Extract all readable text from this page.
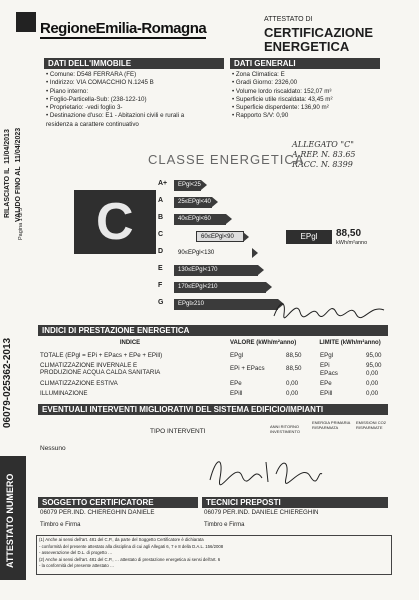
RegioneEmilia-Romagna
ATTESTATO DI
CERTIFICAZIONE
ENERGETICA
RILASCIATO IL  11/04/2013
VALIDO FINO AL  11/04/2023
Pagina 1 di 3
06079-025362-2013
ATTESTATO NUMERO
DATI DELL'IMMOBILE
• Comune: D548 FERRARA (FE)
• Indirizzo: VIA COMACCHIO N.1245 B
• Piano interno:
• Foglio-Particella-Sub: (238-122-10)
• Proprietario: -vedi foglio 3-
• Destinazione d'uso: E1 - Abitazioni civili e rurali a
residenza a carattere continuativo
DATI GENERALI
• Zona Climatica: E
• Gradi Giorno: 2326,00
• Volume lordo riscaldato: 152,07 m³
• Superficie utile riscaldata: 43,45 m²
• Superficie disperdente: 136,90 m²
• Rapporto S/V: 0,90
ALLEGATO "C"
A REP. N. 83.65
RACC. N. 8399
CLASSE ENERGETICA
C
A+	EPgl<25
A	25≤EPgl<40
B	40≤EPgl<60
C	60≤EPgl<90
D	90≤EPgl<130
E	130≤EPgl<170
F	170≤EPgl<210
G	EPgl≥210
EPgl	88,50
kWh/m²anno
INDICI DI PRESTAZIONE ENERGETICA
INDICE	VALORE (kWh/m²anno)	LIMITE (kWh/m²anno)
TOTALE (EPgl = EPi + EPacs + EPe + EPill)	EPgl	88,50	EPgl	95,00
CLIMATIZZAZIONE INVERNALE E
PRODUZIONE ACQUA CALDA SANITARIA
EPi + EPacs	88,50	EPi	95,00
EPacs	0,00
CLIMATIZZAZIONE ESTIVA	EPe	0,00	EPe	0,00
ILLUMINAZIONE	EPill	0,00	EPill	0,00
EVENTUALI INTERVENTI MIGLIORATIVI DEL SISTEMA EDIFICIO/IMPIANTI
TIPO INTERVENTI
ANNI RITORNO INVESTIMENTO
ENERGIA PRIMARIA RISPARMIATA
EMISSIONI CO2 RISPARMIATE
Nessuno
SOGGETTO CERTIFICATORE
06079 PER.IND. CHIEREGHIN DANIELE
Timbro e Firma
TECNICI PREPOSTI
06079 PER.IND. DANIELE CHIEREGHIN
Timbro e Firma
(1) Anche ai sensi dell'art. 481 del C.P., da parte del Soggetto Certificatore è dichiarata
- conformità del presente attestato alla disciplina di cui agli Allegati 6, 7 e 8 della D.A.L. 156/2008
- asseverazione del D.L. di progetto …
(2) Anche ai sensi dell'art. 481 del C.P., … attestato di prestazione energetica ai sensi dell'art. 6
- la conformità del presente attestato …
